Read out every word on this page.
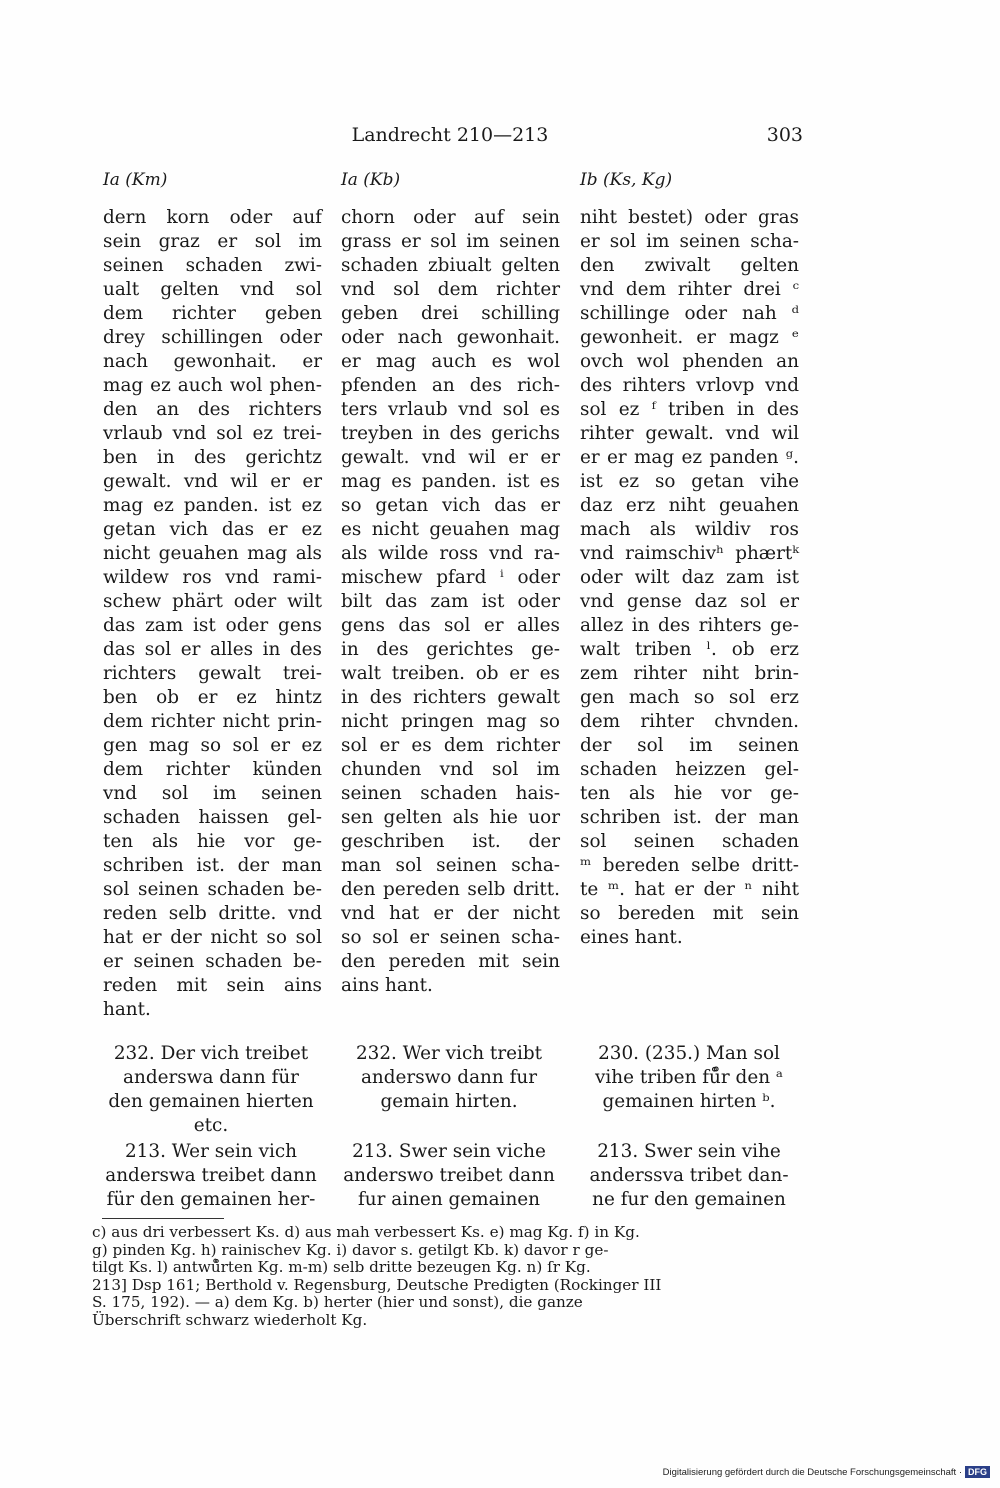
Landrecht 210—213	303
Ia (Km)	Ia (Kb)	Ib (Ks, Kg)
dern korn oder auf
sein graz er sol im
seinen schaden zwi-
ualt gelten vnd sol
dem richter geben
drey schillingen oder
nach gewonhait. er
mag ez auch wol phen-
den an des richters
vrlaub vnd sol ez trei-
ben in des gerichtz
gewalt. vnd wil er er
mag ez panden. ist ez
getan vich das er ez
nicht geuahen mag als
wildew ros vnd rami-
schew phärt oder wilt
das zam ist oder gens
das sol er alles in des
richters gewalt trei-
ben ob er ez hintz
dem richter nicht prin-
gen mag so sol er ez
dem richter künden
vnd sol im seinen
schaden haissen gel-
ten als hie vor ge-
schriben ist. der man
sol seinen schaden be-
reden selb dritte. vnd
hat er der nicht so sol
er seinen schaden be-
reden mit sein ains
hant.
chorn oder auf sein
grass er sol im seinen
schaden zbiualt gelten
vnd sol dem richter
geben drei schilling
oder nach gewonhait.
er mag auch es wol
pfenden an des rich-
ters vrlaub vnd sol es
treyben in des gerichs
gewalt. vnd wil er er
mag es panden. ist es
so getan vich das er
es nicht geuahen mag
als wilde ross vnd ra-
mischew pfard ⁱ oder
bilt das zam ist oder
gens das sol er alles
in des gerichtes ge-
walt treiben. ob er es
in des richters gewalt
nicht pringen mag so
sol er es dem richter
chunden vnd sol im
seinen schaden hais-
sen gelten als hie uor
geschriben ist. der
man sol seinen scha-
den pereden selb dritt.
vnd hat er der nicht
so sol er seinen scha-
den pereden mit sein
ains hant.
niht bestet) oder gras
er sol im seinen scha-
den zwivalt gelten
vnd dem rihter drei ᶜ
schillinge oder nah ᵈ
gewonheit. er magz ᵉ
ovch wol phenden an
des rihters vrlovp vnd
sol ez ᶠ triben in des
rihter gewalt. vnd wil
er er mag ez panden ᵍ.
ist ez so getan vihe
daz erz niht geuahen
mach als wildiv ros
vnd raimschivʰ phærtᵏ
oder wilt daz zam ist
vnd gense daz sol er
allez in des rihters ge-
walt triben ˡ. ob erz
zem rihter niht brin-
gen mach so sol erz
dem rihter chvnden.
der sol im seinen
schaden heizzen gel-
ten als hie vor ge-
schriben ist. der man
sol seinen schaden
ᵐ bereden selbe dritt-
te ᵐ. hat er der ⁿ niht
so bereden mit sein
eines hant.
232. Der vich treibet
anderswa dann für
den gemainen hierten
etc.
232. Wer vich treibt
anderswo dann fur
gemain hirten.
230. (235.) Man sol
vihe triben fů̊r den ᵃ
gemainen hirten ᵇ.
213. Wer sein vich
anderswa treibet dann
für den gemainen her-
213. Swer sein viche
anderswo treibet dann
fur ainen gemainen
213. Swer sein vihe
anderssva tribet dan-
ne fur den gemainen
c) aus dri verbessert Ks. d) aus mah verbessert Ks. e) mag Kg. f) in Kg.
g) pinden Kg. h) rainischev Kg. i) davor s. getilgt Kb. k) davor r ge-
tilgt Ks. l) antwů̊rten Kg. m-m) selb dritte bezeugen Kg. n) ſr Kg.
213] Dsp 161; Berthold v. Regensburg, Deutsche Predigten (Rockinger III
S. 175, 192). — a) dem Kg. b) herter (hier und sonst), die ganze
Überschrift schwarz wiederholt Kg.
Digitalisierung gefördert durch die Deutsche Forschungsgemeinschaft · DFG
